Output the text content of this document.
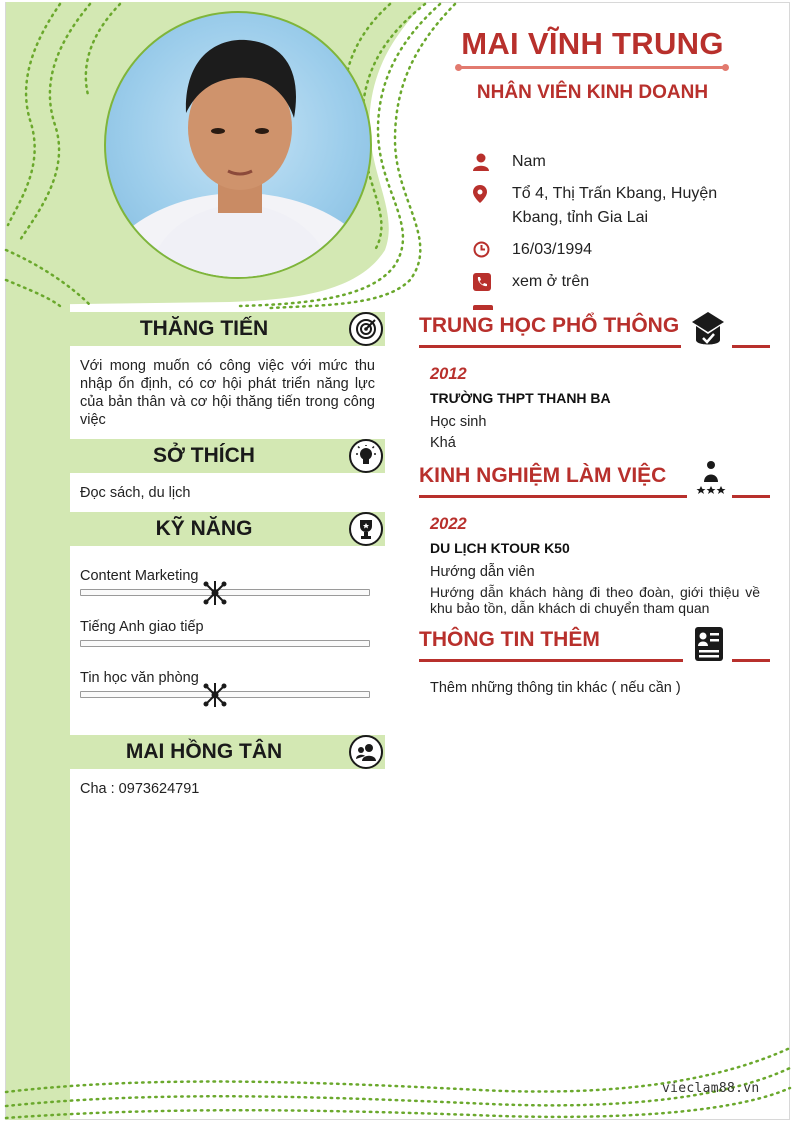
MAI VĨNH TRUNG
NHÂN VIÊN KINH DOANH
Nam
Tổ 4, Thị Trấn Kbang, Huyện Kbang, tỉnh Gia Lai
16/03/1994
xem ở trên
THĂNG TIẾN
Với mong muốn có công việc với mức thu nhập ổn định, có cơ hội phát triển năng lực của bản thân và cơ hội thăng tiến trong công việc
SỞ THÍCH
Đọc sách, du lịch
KỸ NĂNG
Content Marketing
Tiếng Anh giao tiếp
Tin học văn phòng
MAI HỒNG TÂN
Cha : 0973624791
TRUNG HỌC PHỔ THÔNG
2012
TRƯỜNG THPT THANH BA
Học sinh
Khá
KINH NGHIỆM LÀM VIỆC
2022
DU LỊCH KTOUR K50
Hướng dẫn viên
Hướng dẫn khách hàng đi theo đoàn, giới thiệu về khu bảo tồn, dẫn khách di chuyển tham quan
THÔNG TIN THÊM
Thêm những thông tin khác ( nếu cần )
vieclam88.vn
